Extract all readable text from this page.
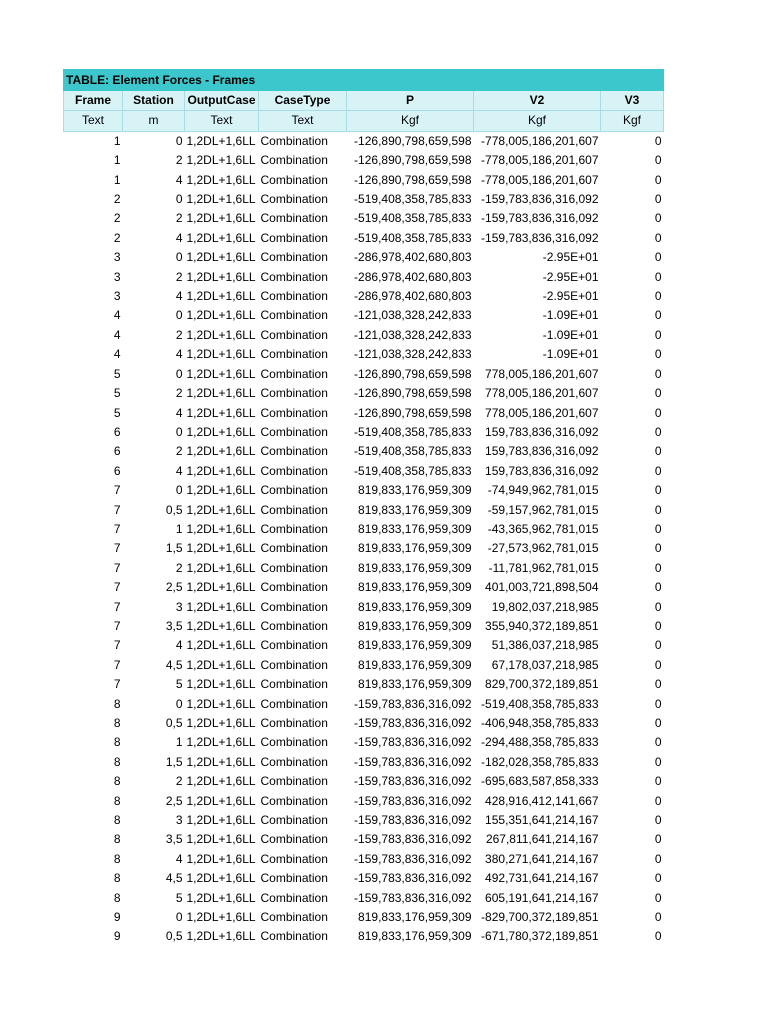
TABLE: Element Forces - Frames						
Frame	Station	OutputCase	CaseType	P	V2	V3
Text	m	Text	Text	Kgf	Kgf	Kgf
1	0	1,2DL+1,6LL	Combination	-126,890,798,659,598	-778,005,186,201,607	0
1	2	1,2DL+1,6LL	Combination	-126,890,798,659,598	-778,005,186,201,607	0
1	4	1,2DL+1,6LL	Combination	-126,890,798,659,598	-778,005,186,201,607	0
2	0	1,2DL+1,6LL	Combination	-519,408,358,785,833	-159,783,836,316,092	0
2	2	1,2DL+1,6LL	Combination	-519,408,358,785,833	-159,783,836,316,092	0
2	4	1,2DL+1,6LL	Combination	-519,408,358,785,833	-159,783,836,316,092	0
3	0	1,2DL+1,6LL	Combination	-286,978,402,680,803	-2.95E+01	0
3	2	1,2DL+1,6LL	Combination	-286,978,402,680,803	-2.95E+01	0
3	4	1,2DL+1,6LL	Combination	-286,978,402,680,803	-2.95E+01	0
4	0	1,2DL+1,6LL	Combination	-121,038,328,242,833	-1.09E+01	0
4	2	1,2DL+1,6LL	Combination	-121,038,328,242,833	-1.09E+01	0
4	4	1,2DL+1,6LL	Combination	-121,038,328,242,833	-1.09E+01	0
5	0	1,2DL+1,6LL	Combination	-126,890,798,659,598	778,005,186,201,607	0
5	2	1,2DL+1,6LL	Combination	-126,890,798,659,598	778,005,186,201,607	0
5	4	1,2DL+1,6LL	Combination	-126,890,798,659,598	778,005,186,201,607	0
6	0	1,2DL+1,6LL	Combination	-519,408,358,785,833	159,783,836,316,092	0
6	2	1,2DL+1,6LL	Combination	-519,408,358,785,833	159,783,836,316,092	0
6	4	1,2DL+1,6LL	Combination	-519,408,358,785,833	159,783,836,316,092	0
7	0	1,2DL+1,6LL	Combination	819,833,176,959,309	-74,949,962,781,015	0
7	0,5	1,2DL+1,6LL	Combination	819,833,176,959,309	-59,157,962,781,015	0
7	1	1,2DL+1,6LL	Combination	819,833,176,959,309	-43,365,962,781,015	0
7	1,5	1,2DL+1,6LL	Combination	819,833,176,959,309	-27,573,962,781,015	0
7	2	1,2DL+1,6LL	Combination	819,833,176,959,309	-11,781,962,781,015	0
7	2,5	1,2DL+1,6LL	Combination	819,833,176,959,309	401,003,721,898,504	0
7	3	1,2DL+1,6LL	Combination	819,833,176,959,309	19,802,037,218,985	0
7	3,5	1,2DL+1,6LL	Combination	819,833,176,959,309	355,940,372,189,851	0
7	4	1,2DL+1,6LL	Combination	819,833,176,959,309	51,386,037,218,985	0
7	4,5	1,2DL+1,6LL	Combination	819,833,176,959,309	67,178,037,218,985	0
7	5	1,2DL+1,6LL	Combination	819,833,176,959,309	829,700,372,189,851	0
8	0	1,2DL+1,6LL	Combination	-159,783,836,316,092	-519,408,358,785,833	0
8	0,5	1,2DL+1,6LL	Combination	-159,783,836,316,092	-406,948,358,785,833	0
8	1	1,2DL+1,6LL	Combination	-159,783,836,316,092	-294,488,358,785,833	0
8	1,5	1,2DL+1,6LL	Combination	-159,783,836,316,092	-182,028,358,785,833	0
8	2	1,2DL+1,6LL	Combination	-159,783,836,316,092	-695,683,587,858,333	0
8	2,5	1,2DL+1,6LL	Combination	-159,783,836,316,092	428,916,412,141,667	0
8	3	1,2DL+1,6LL	Combination	-159,783,836,316,092	155,351,641,214,167	0
8	3,5	1,2DL+1,6LL	Combination	-159,783,836,316,092	267,811,641,214,167	0
8	4	1,2DL+1,6LL	Combination	-159,783,836,316,092	380,271,641,214,167	0
8	4,5	1,2DL+1,6LL	Combination	-159,783,836,316,092	492,731,641,214,167	0
8	5	1,2DL+1,6LL	Combination	-159,783,836,316,092	605,191,641,214,167	0
9	0	1,2DL+1,6LL	Combination	819,833,176,959,309	-829,700,372,189,851	0
9	0,5	1,2DL+1,6LL	Combination	819,833,176,959,309	-671,780,372,189,851	0
